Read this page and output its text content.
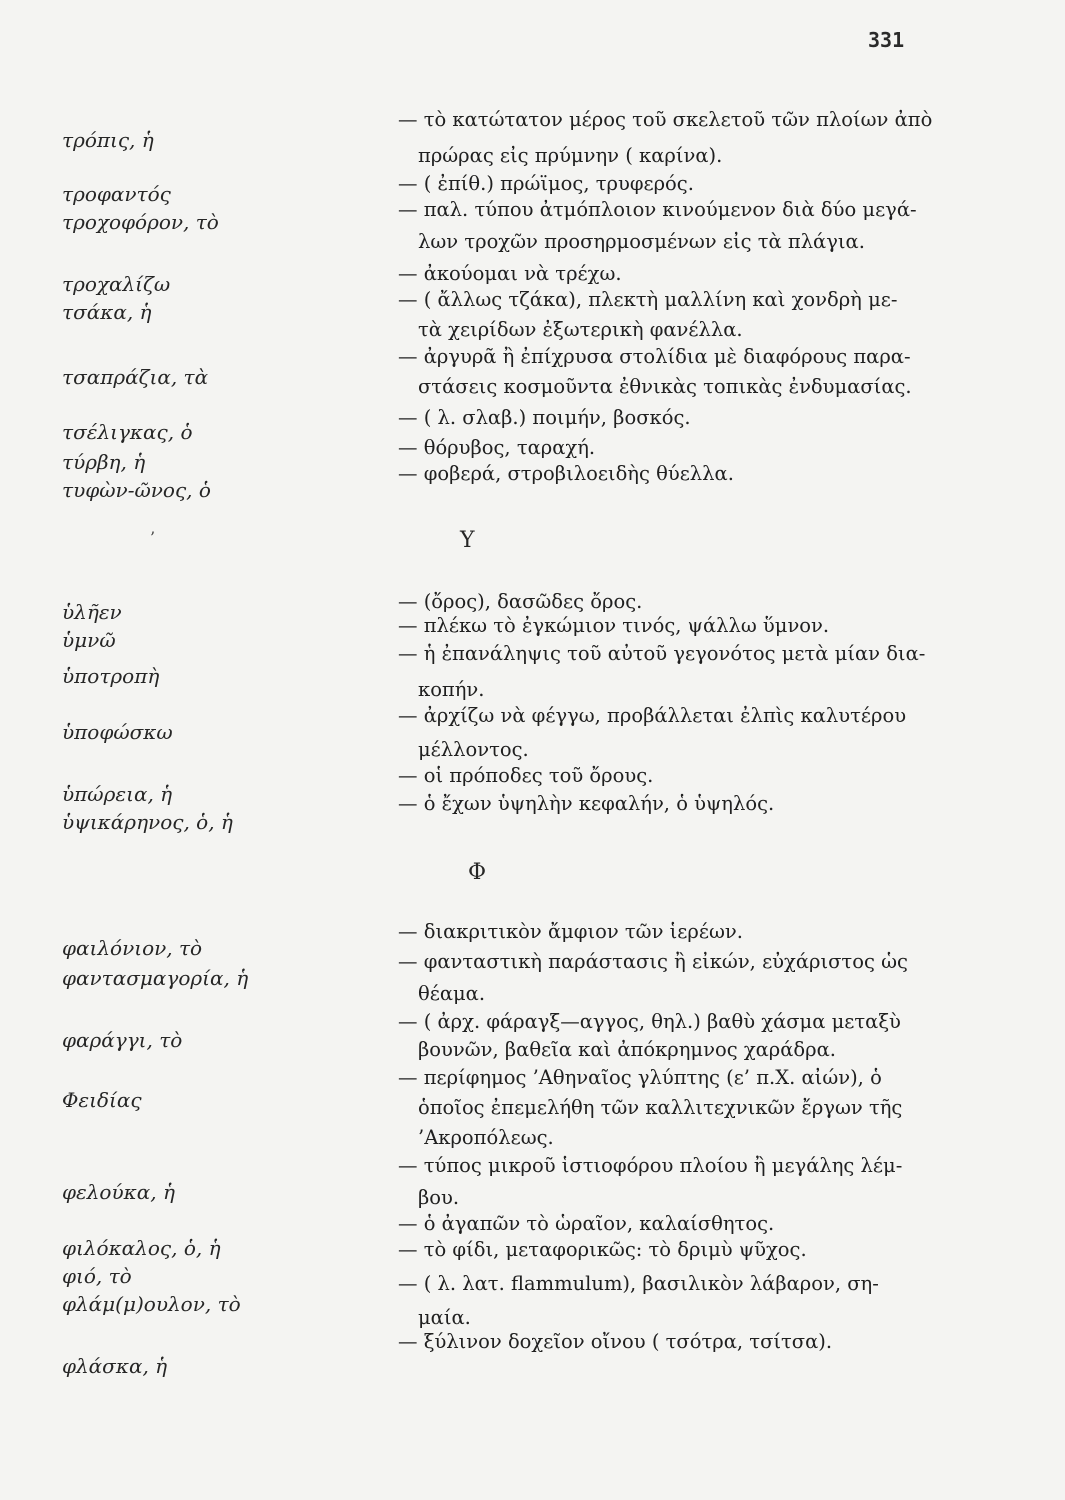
331
τρόπις, ἡ
— τὸ κατώτατον μέρος τοῦ σκελετοῦ τῶν πλοίων ἀπὸ
πρώρας εἰς πρύμνην ( καρίνα).
τροφαντός	— ( ἐπίθ.) πρώϊμος, τρυφερός.
τροχοφόρον, τὸ
— παλ. τύπου ἀτμόπλοιον κινούμενον διὰ δύο μεγά-
λων τροχῶν προσηρμοσμένων εἰς τὰ πλάγια.
τροχαλίζω	— ἀκούομαι νὰ τρέχω.
τσάκα, ἡ
— ( ἄλλως τζάκα), πλεκτὴ μαλλίνη καὶ χονδρὴ με-
τὰ χειρίδων ἐξωτερικὴ φανέλλα.
τσαπράζια, τὰ
— ἀργυρᾶ ἢ ἐπίχρυσα στολίδια μὲ διαφόρους παρα-
στάσεις κοσμοῦντα ἐθνικὰς τοπικὰς ἐνδυμασίας.
τσέλιγκας, ὁ
— ( λ. σλαβ.) ποιμήν, βοσκός.
τύρβη, ἡ
— θόρυβος, ταραχή.
τυφὼν-ῶνος, ὁ
— φοβερά, στροβιλοειδὴς θύελλα.
’	Υ
ὑλῆεν	— (ὄρος), δασῶδες ὄρος.
ὑμνῶ
— πλέκω τὸ ἐγκώμιον τινός, ψάλλω ὕμνον.
ὑποτροπὴ
— ἡ ἐπανάληψις τοῦ αὐτοῦ γεγονότος μετὰ μίαν δια-
κοπήν.
ὑποφώσκω
— ἀρχίζω νὰ φέγγω, προβάλλεται ἐλπὶς καλυτέρου
μέλλοντος.
ὑπώρεια, ἡ
— οἱ πρόποδες τοῦ ὄρους.
ὑψικάρηνος, ὁ, ἡ
— ὁ ἔχων ὑψηλὴν κεφαλήν, ὁ ὑψηλός.
Φ
φαιλόνιον, τὸ
— διακριτικὸν ἄμφιον τῶν ἱερέων.
φαντασμαγορία, ἡ
— φανταστικὴ παράστασις ἢ εἰκών, εὐχάριστος ὡς
θέαμα.
φαράγγι, τὸ
— ( ἀρχ. φάραγξ—αγγος, θηλ.) βαθὺ χάσμα μεταξὺ
βουνῶν, βαθεῖα καὶ ἀπόκρημνος χαράδρα.
Φειδίας
— περίφημος ’Αθηναῖος γλύπτης (ε’ π.Χ. αἰών), ὁ
ὁποῖος ἐπεμελήθη τῶν καλλιτεχνικῶν ἔργων τῆς
’Ακροπόλεως.
φελούκα, ἡ
— τύπος μικροῦ ἱστιοφόρου πλοίου ἢ μεγάλης λέμ-
βου.
φιλόκαλος, ὁ, ἡ
— ὁ ἀγαπῶν τὸ ὡραῖον, καλαίσθητος.
φιό, τὸ
— τὸ φίδι, μεταφορικῶς: τὸ δριμὺ ψῦχος.
φλάμ(μ)ουλον, τὸ
— ( λ. λατ. flammulum), βασιλικὸν λάβαρον, ση-
μαία.
φλάσκα, ἡ
— ξύλινον δοχεῖον οἴνου ( τσότρα, τσίτσα).
